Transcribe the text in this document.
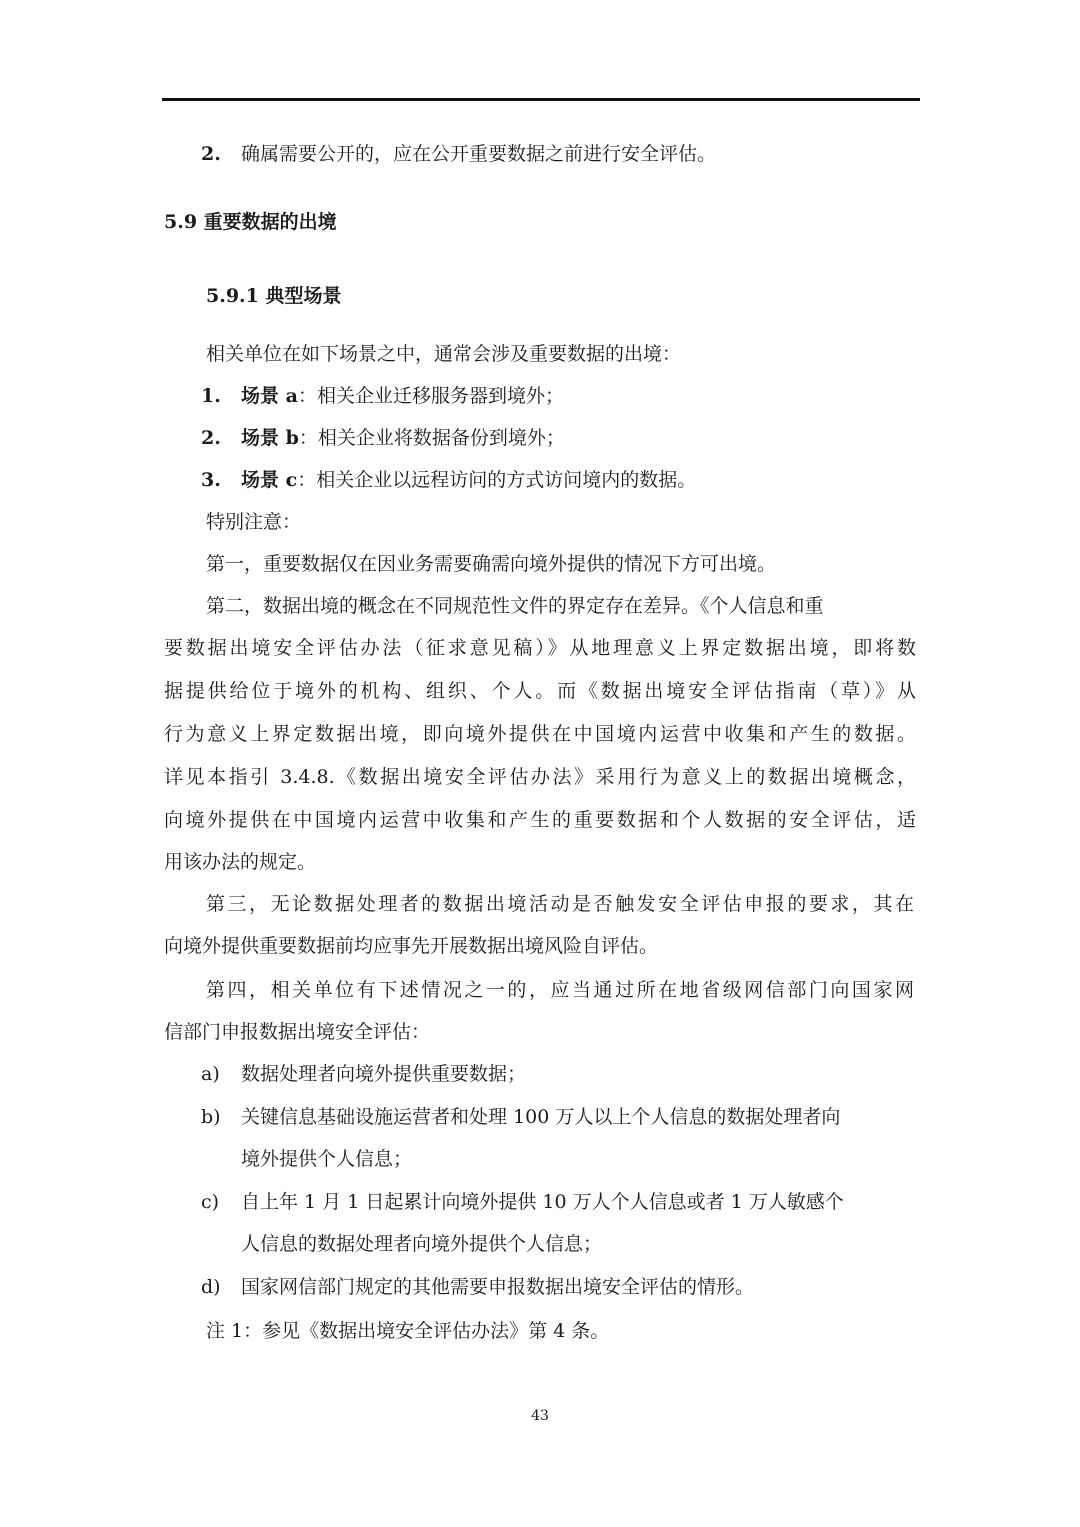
2. 确属需要公开的，应在公开重要数据之前进行安全评估。
5.9 重要数据的出境
5.9.1 典型场景
相关单位在如下场景之中，通常会涉及重要数据的出境：
1. 场景 a：相关企业迁移服务器到境外；
2. 场景 b：相关企业将数据备份到境外；
3. 场景 c：相关企业以远程访问的方式访问境内的数据。
特别注意：
第一，重要数据仅在因业务需要确需向境外提供的情况下方可出境。
第二，数据出境的概念在不同规范性文件的界定存在差异。《个人信息和重
要数据出境安全评估办法（征求意见稿）》从地理意义上界定数据出境，即将数
据提供给位于境外的机构、组织、个人。而《数据出境安全评估指南（草）》从
行为意义上界定数据出境，即向境外提供在中国境内运营中收集和产生的数据。
详见本指引 3.4.8.《数据出境安全评估办法》采用行为意义上的数据出境概念，
向境外提供在中国境内运营中收集和产生的重要数据和个人数据的安全评估，适
用该办法的规定。
第三，无论数据处理者的数据出境活动是否触发安全评估申报的要求，其在
向境外提供重要数据前均应事先开展数据出境风险自评估。
第四，相关单位有下述情况之一的，应当通过所在地省级网信部门向国家网
信部门申报数据出境安全评估：
a) 数据处理者向境外提供重要数据；
b) 关键信息基础设施运营者和处理 100 万人以上个人信息的数据处理者向
境外提供个人信息；
c) 自上年 1 月 1 日起累计向境外提供 10 万人个人信息或者 1 万人敏感个
人信息的数据处理者向境外提供个人信息；
d) 国家网信部门规定的其他需要申报数据出境安全评估的情形。
注 1：参见《数据出境安全评估办法》第 4 条。
43
